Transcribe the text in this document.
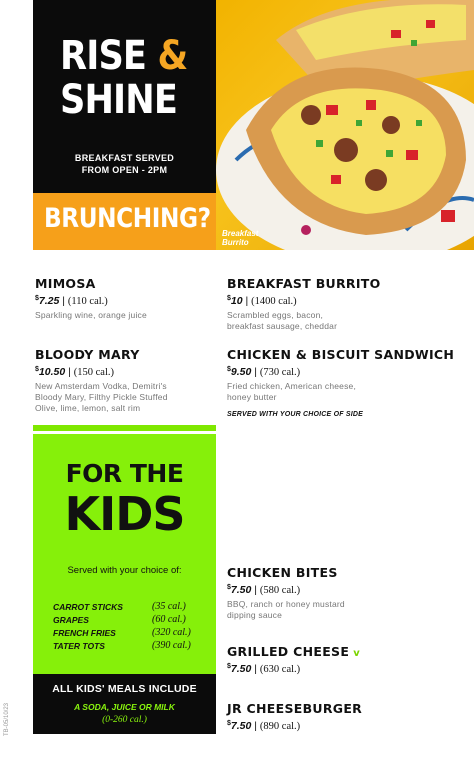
RISE &
SHINE
BREAKFAST SERVED
FROM OPEN - 2PM
BRUNCHING? Breakfast
Burrito
MIMOSA
$7.25 | (110 cal.)
Sparkling wine, orange juice
BLOODY MARY
$10.50 | (150 cal.)
New Amsterdam Vodka, Demitri's
Bloody Mary, Filthy Pickle Stuffed
Olive, lime, lemon, salt rim
BREAKFAST BURRITO
$10 | (1400 cal.)
Scrambled eggs, bacon,
breakfast sausage, cheddar
CHICKEN & BISCUIT SANDWICH
$9.50 | (730 cal.)
Fried chicken, American cheese,
honey butter
SERVED WITH YOUR CHOICE OF SIDE
CHICKEN BITES
$7.50 | (580 cal.)
BBQ, ranch or honey mustard
dipping sauce
GRILLED CHEESE v
$7.50 | (630 cal.)
JR CHEESEBURGER
$7.50 | (890 cal.)
FOR THE
KIDS
Served with your choice of:
CARROT STICKS	(35 cal.)
GRAPES	(60 cal.)
FRENCH FRIES	(320 cal.)
TATER TOTS	(390 cal.)
ALL KIDS' MEALS INCLUDE
A SODA, JUICE OR MILK
(0-260 cal.)
TB-05/10/23
